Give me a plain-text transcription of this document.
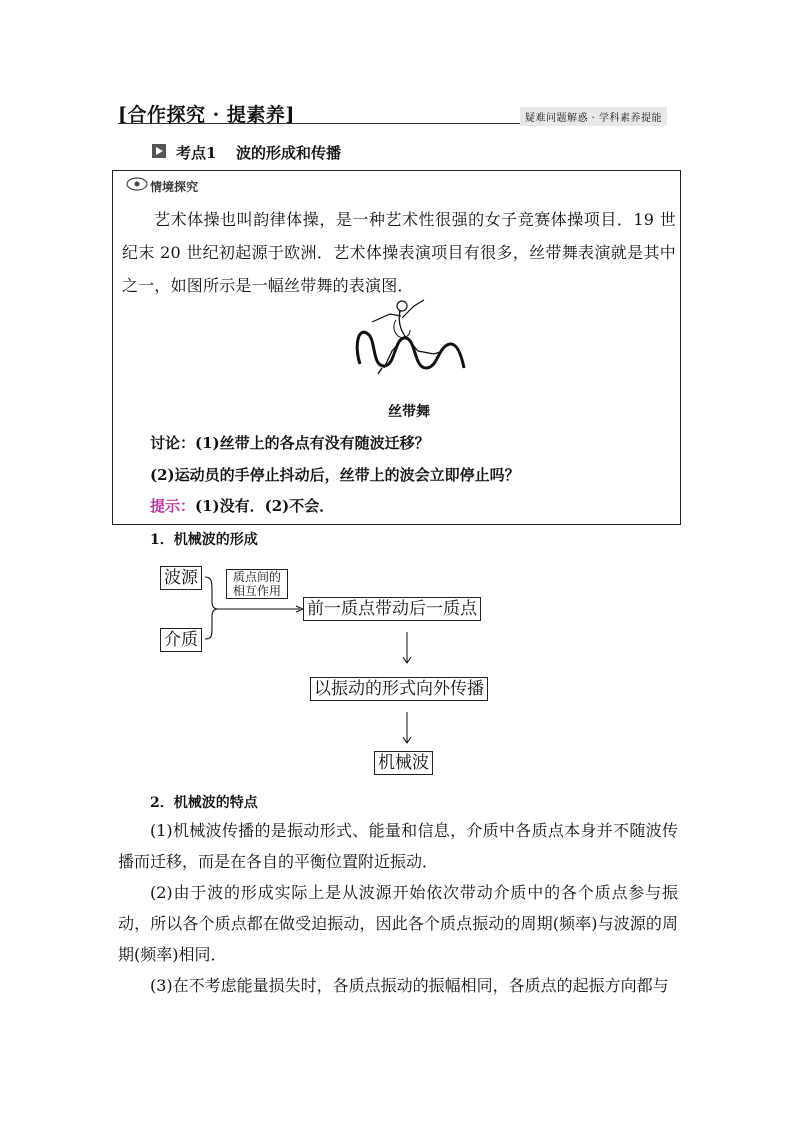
[合作探究 · 提素养]	疑难问题解惑 · 学科素养提能
考点1 波的形成和传播
情境探究
艺术体操也叫韵律体操，是一种艺术性很强的女子竞赛体操项目．19 世纪末 20 世纪初起源于欧洲．艺术体操表演项目有很多，丝带舞表演就是其中之一，如图所示是一幅丝带舞的表演图．
丝带舞
讨论：(1)丝带上的各点有没有随波迁移？
(2)运动员的手停止抖动后，丝带上的波会立即停止吗？
提示：(1)没有．(2)不会．
1．机械波的形成
波源
介质
质点间的
相互作用
前一质点带动后一质点
以振动的形式向外传播
机械波
2．机械波的特点
(1)机械波传播的是振动形式、能量和信息，介质中各质点本身并不随波传播而迁移，而是在各自的平衡位置附近振动．
(2)由于波的形成实际上是从波源开始依次带动介质中的各个质点参与振动，所以各个质点都在做受迫振动，因此各个质点振动的周期(频率)与波源的周期(频率)相同．
(3)在不考虑能量损失时，各质点振动的振幅相同，各质点的起振方向都与
